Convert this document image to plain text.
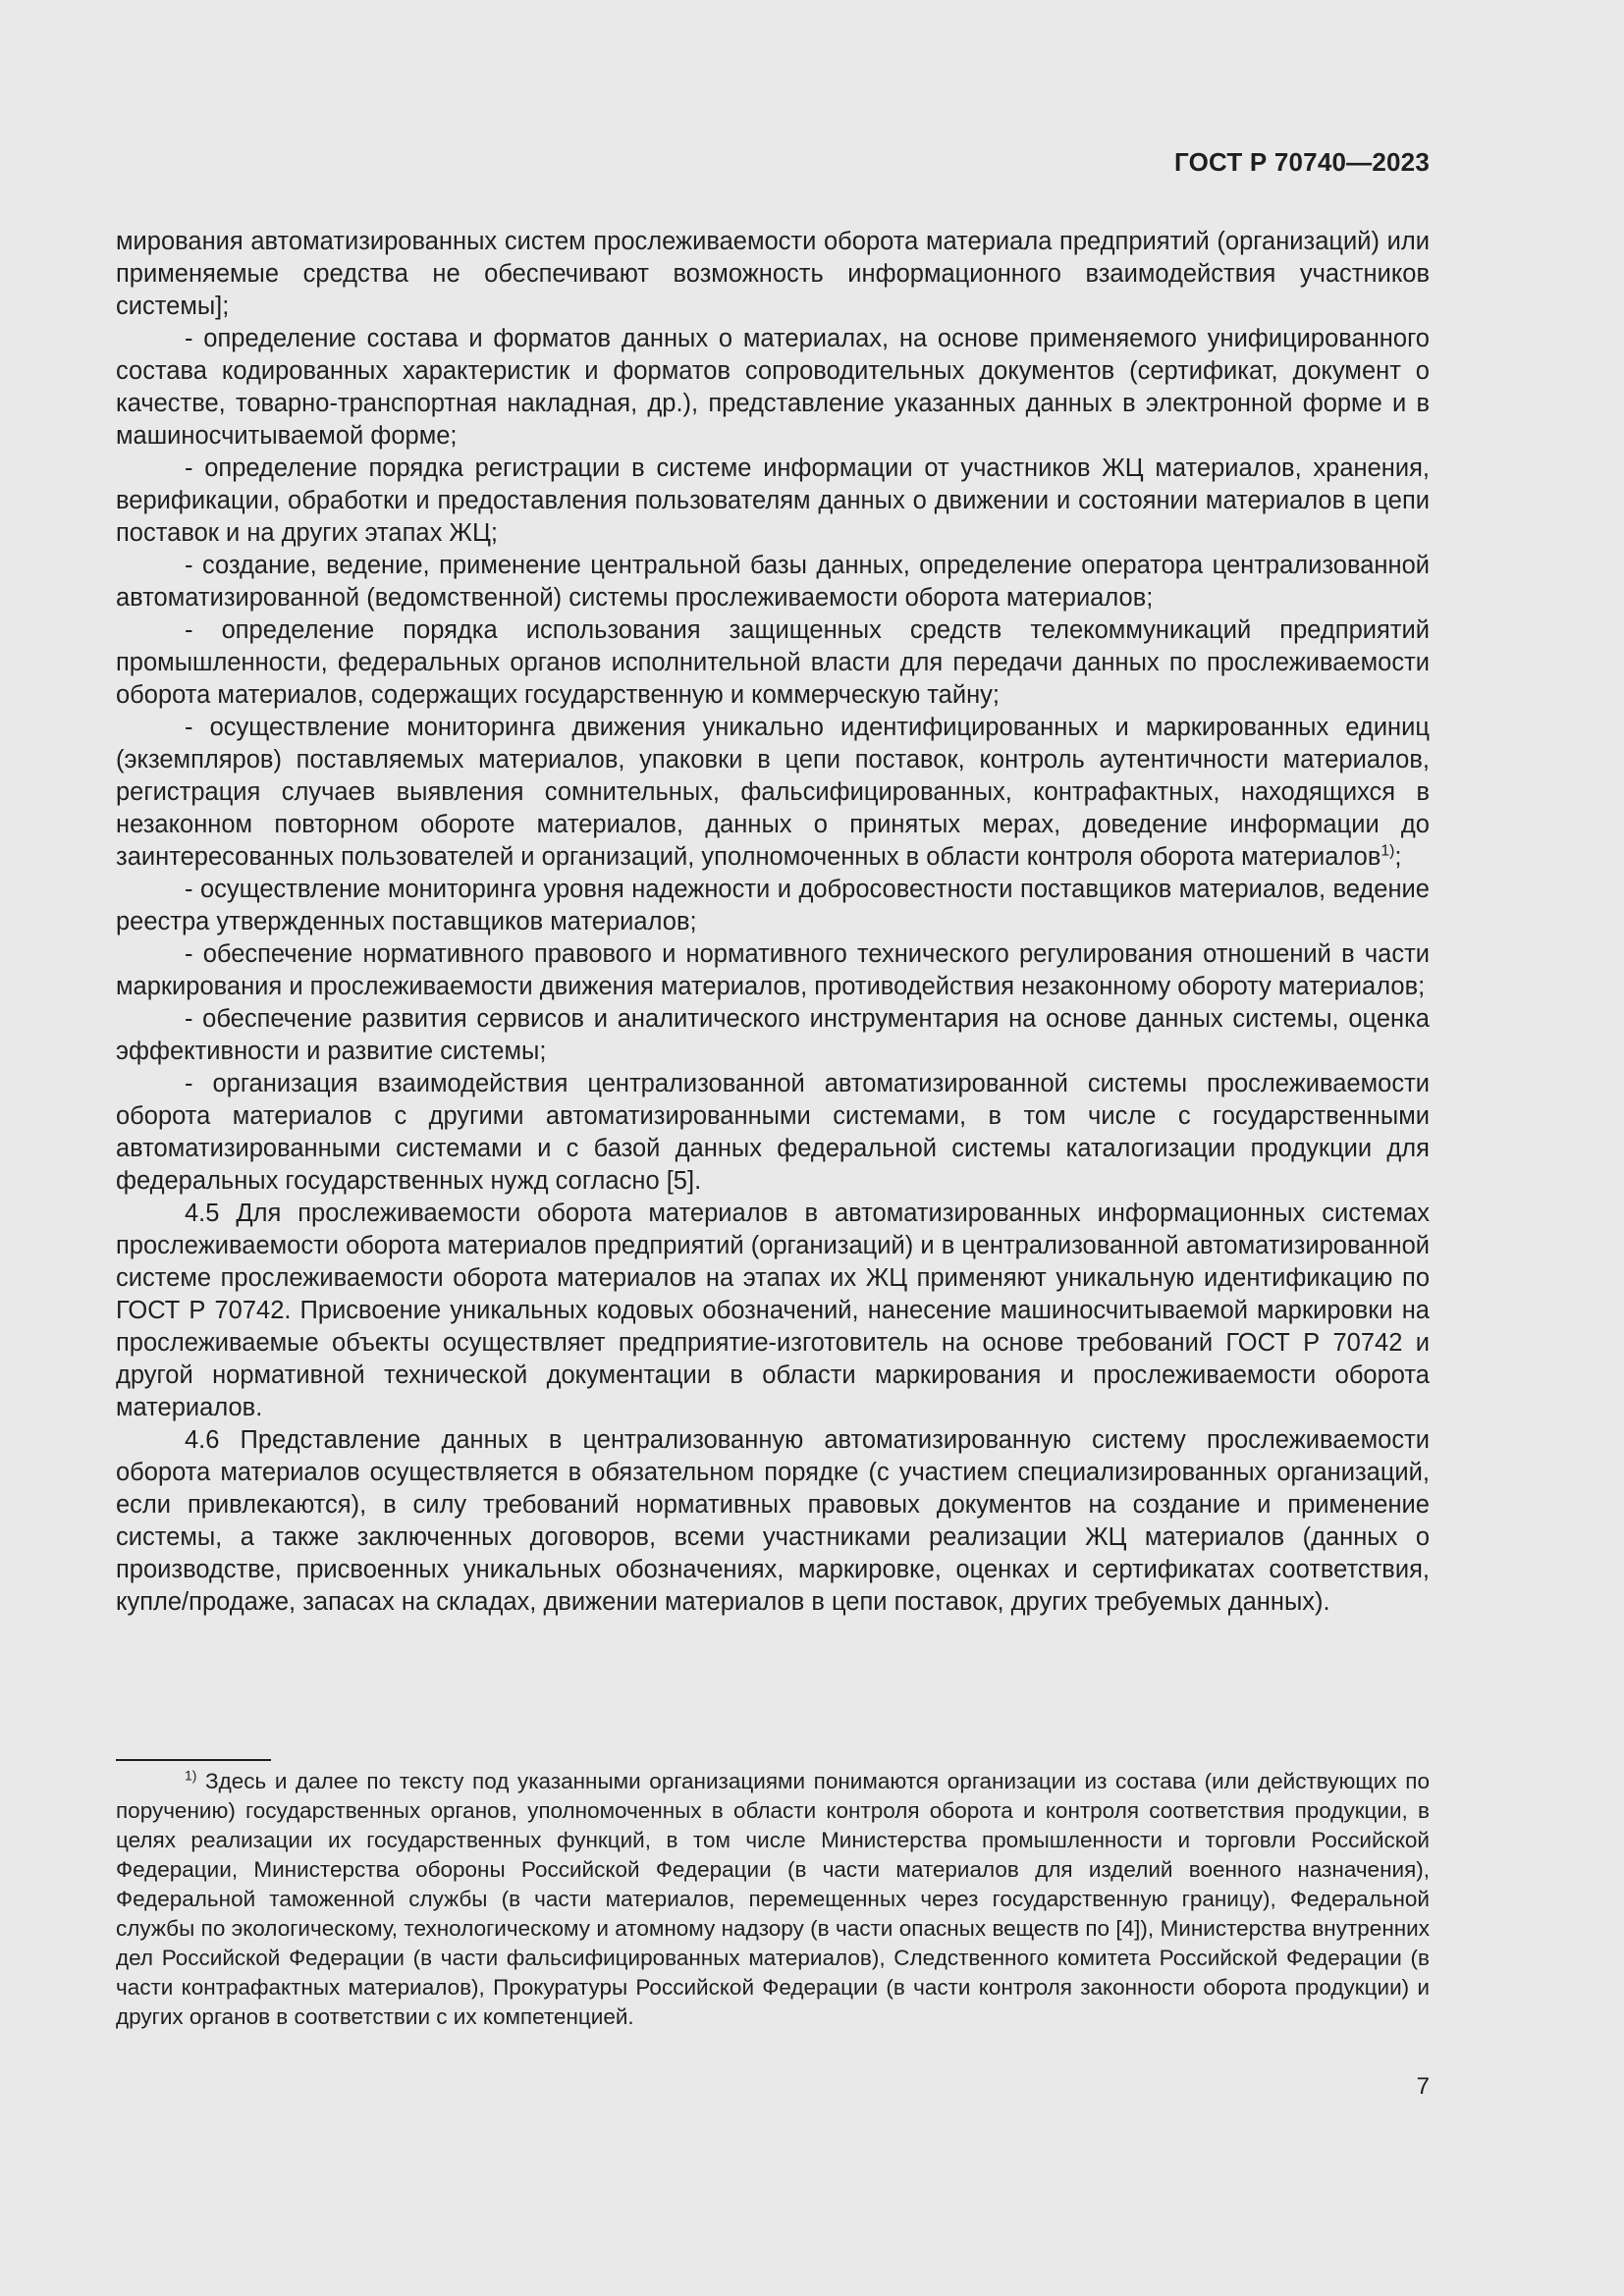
ГОСТ Р 70740—2023

мирования автоматизированных систем прослеживаемости оборота материала предприятий (организаций) или применяемые средства не обеспечивают возможность информационного взаимодействия участников системы];

- определение состава и форматов данных о материалах, на основе применяемого унифицированного состава кодированных характеристик и форматов сопроводительных документов (сертификат, документ о качестве, товарно-транспортная накладная, др.), представление указанных данных в электронной форме и в машиносчитываемой форме;

- определение порядка регистрации в системе информации от участников ЖЦ материалов, хранения, верификации, обработки и предоставления пользователям данных о движении и состоянии материалов в цепи поставок и на других этапах ЖЦ;

- создание, ведение, применение центральной базы данных, определение оператора централизованной автоматизированной (ведомственной) системы прослеживаемости оборота материалов;

- определение порядка использования защищенных средств телекоммуникаций предприятий промышленности, федеральных органов исполнительной власти для передачи данных по прослеживаемости оборота материалов, содержащих государственную и коммерческую тайну;

- осуществление мониторинга движения уникально идентифицированных и маркированных единиц (экземпляров) поставляемых материалов, упаковки в цепи поставок, контроль аутентичности материалов, регистрация случаев выявления сомнительных, фальсифицированных, контрафактных, находящихся в незаконном повторном обороте материалов, данных о принятых мерах, доведение информации до заинтересованных пользователей и организаций, уполномоченных в области контроля оборота материалов$^{1)}$;

- осуществление мониторинга уровня надежности и добросовестности поставщиков материалов, ведение реестра утвержденных поставщиков материалов;

- обеспечение нормативного правового и нормативного технического регулирования отношений в части маркирования и прослеживаемости движения материалов, противодействия незаконному обороту материалов;

- обеспечение развития сервисов и аналитического инструментария на основе данных системы, оценка эффективности и развитие системы;

- организация взаимодействия централизованной автоматизированной системы прослеживаемости оборота материалов с другими автоматизированными системами, в том числе с государственными автоматизированными системами и с базой данных федеральной системы каталогизации продукции для федеральных государственных нужд согласно [5].

4.5 Для прослеживаемости оборота материалов в автоматизированных информационных системах прослеживаемости оборота материалов предприятий (организаций) и в централизованной автоматизированной системе прослеживаемости оборота материалов на этапах их ЖЦ применяют уникальную идентификацию по ГОСТ Р 70742. Присвоение уникальных кодовых обозначений, нанесение машиносчитываемой маркировки на прослеживаемые объекты осуществляет предприятие-изготовитель на основе требований ГОСТ Р 70742 и другой нормативной технической документации в области маркирования и прослеживаемости оборота материалов.

4.6 Представление данных в централизованную автоматизированную систему прослеживаемости оборота материалов осуществляется в обязательном порядке (с участием специализированных организаций, если привлекаются), в силу требований нормативных правовых документов на создание и применение системы, а также заключенных договоров, всеми участниками реализации ЖЦ материалов (данных о производстве, присвоенных уникальных обозначениях, маркировке, оценках и сертификатах соответствия, купле/продаже, запасах на складах, движении материалов в цепи поставок, других требуемых данных).

$^{1)}$ Здесь и далее по тексту под указанными организациями понимаются организации из состава (или действующих по поручению) государственных органов, уполномоченных в области контроля оборота и контроля соответствия продукции, в целях реализации их государственных функций, в том числе Министерства промышленности и торговли Российской Федерации, Министерства обороны Российской Федерации (в части материалов для изделий военного назначения), Федеральной таможенной службы (в части материалов, перемещенных через государственную границу), Федеральной службы по экологическому, технологическому и атомному надзору (в части опасных веществ по [4]), Министерства внутренних дел Российской Федерации (в части фальсифицированных материалов), Следственного комитета Российской Федерации (в части контрафактных материалов), Прокуратуры Российской Федерации (в части контроля законности оборота продукции) и других органов в соответствии с их компетенцией.

7
